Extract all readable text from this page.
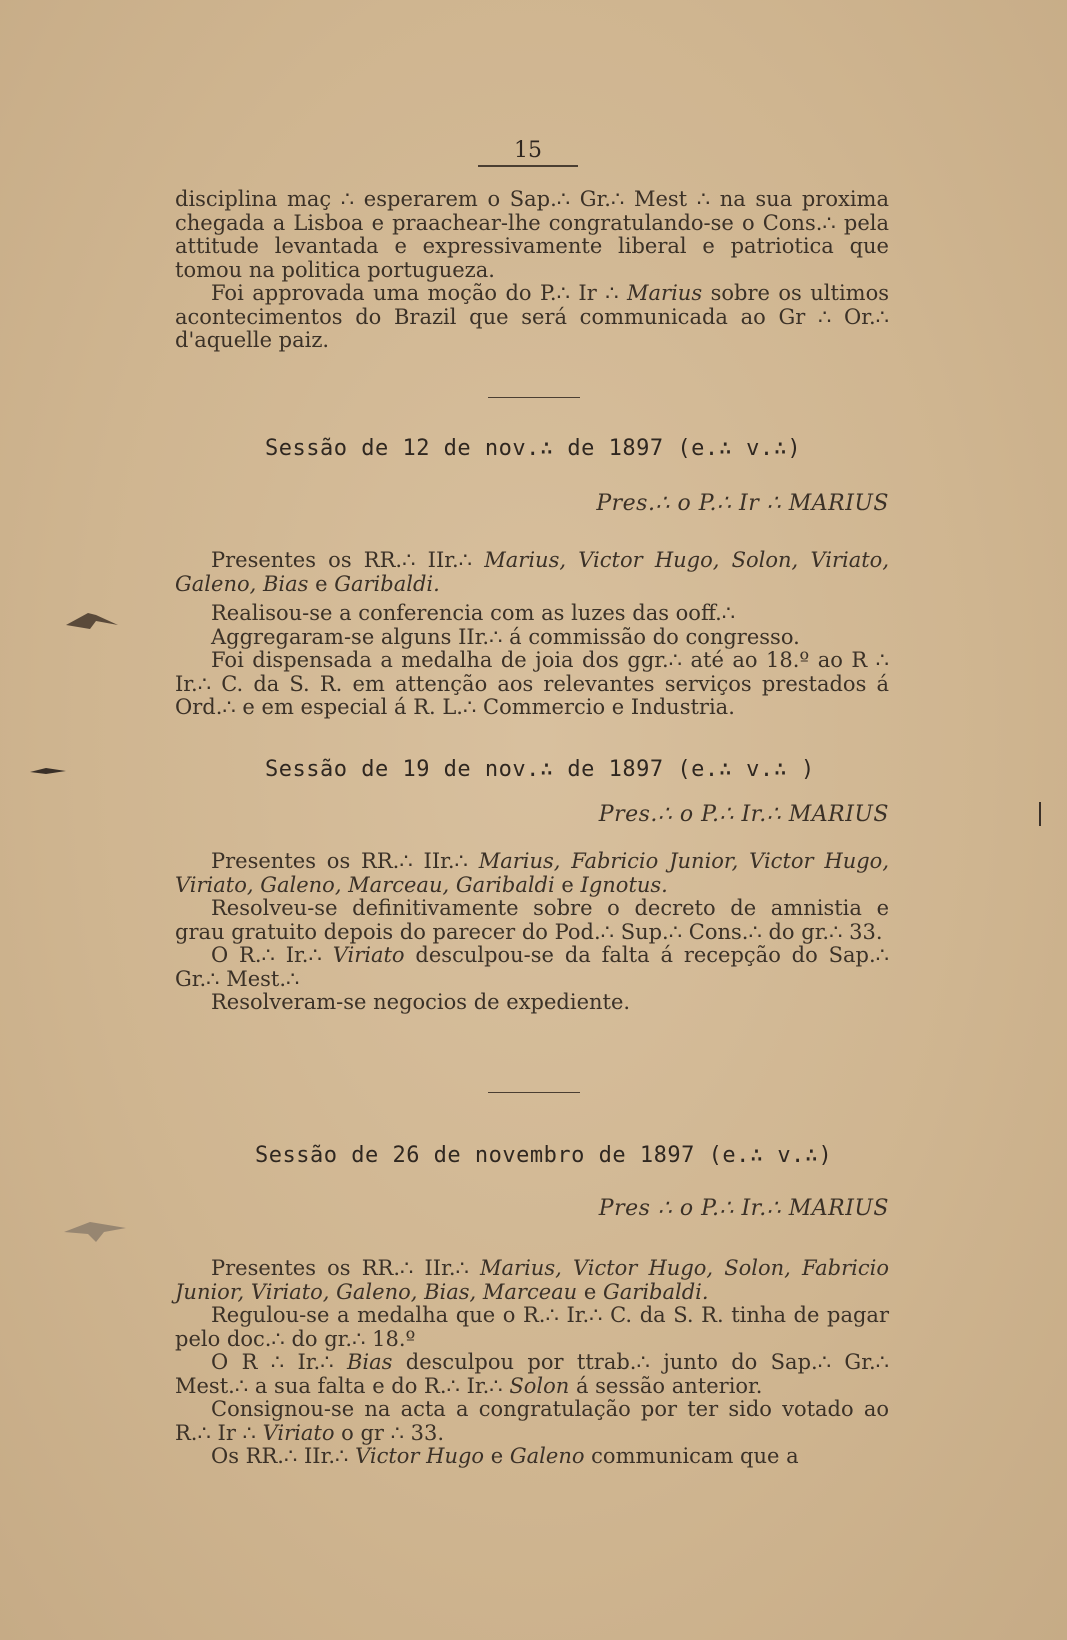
15

disciplina maç ∴ esperarem o Sap.∴ Gr.∴ Mest ∴ na sua proxima chegada a Lisboa e praachear-lhe congratulando-se o Cons.∴ pela attitude levantada e expressivamente liberal e patriotica que tomou na politica portugueza.

Foi approvada uma moção do P.∴ Ir ∴ Marius sobre os ultimos acontecimentos do Brazil que será communicada ao Gr ∴ Or.∴ d'aquelle paiz.

Sessão de 12 de nov.∴ de 1897 (e.∴ v.∴)
Pres.∴ o P.∴ Ir ∴ MARIUS

Presentes os RR.∴ IIr.∴ Marius, Victor Hugo, Solon, Viriato, Galeno, Bias e Garibaldi.

Realisou-se a conferencia com as luzes das ooff.∴

Aggregaram-se alguns IIr.∴ á commissão do congresso.

Foi dispensada a medalha de joia dos ggr.∴ até ao 18.º ao R ∴ Ir.∴ C. da S. R. em attenção aos relevantes serviços prestados á Ord.∴ e em especial á R. L.∴ Commercio e Industria.

Sessão de 19 de nov.∴ de 1897 (e.∴ v.∴ )
Pres.∴ o P.∴ Ir.∴ MARIUS

Presentes os RR.∴ IIr.∴ Marius, Fabricio Junior, Victor Hugo, Viriato, Galeno, Marceau, Garibaldi e Ignotus.

Resolveu-se definitivamente sobre o decreto de amnistia e grau gratuito depois do parecer do Pod.∴ Sup.∴ Cons.∴ do gr.∴ 33.

O R.∴ Ir.∴ Viriato desculpou-se da falta á recepção do Sap.∴ Gr.∴ Mest.∴

Resolveram-se negocios de expediente.

Sessão de 26 de novembro de 1897 (e.∴ v.∴)
Pres ∴ o P.∴ Ir.∴ MARIUS

Presentes os RR.∴ IIr.∴ Marius, Victor Hugo, Solon, Fabricio Junior, Viriato, Galeno, Bias, Marceau e Garibaldi.

Regulou-se a medalha que o R.∴ Ir.∴ C. da S. R. tinha de pagar pelo doc.∴ do gr.∴ 18.º

O R ∴ Ir.∴ Bias desculpou por ttrab.∴ junto do Sap.∴ Gr.∴ Mest.∴ a sua falta e do R.∴ Ir.∴ Solon á sessão anterior.

Consignou-se na acta a congratulação por ter sido votado ao R.∴ Ir ∴ Viriato o gr ∴ 33.

Os RR.∴ IIr.∴ Victor Hugo e Galeno communicam que a
